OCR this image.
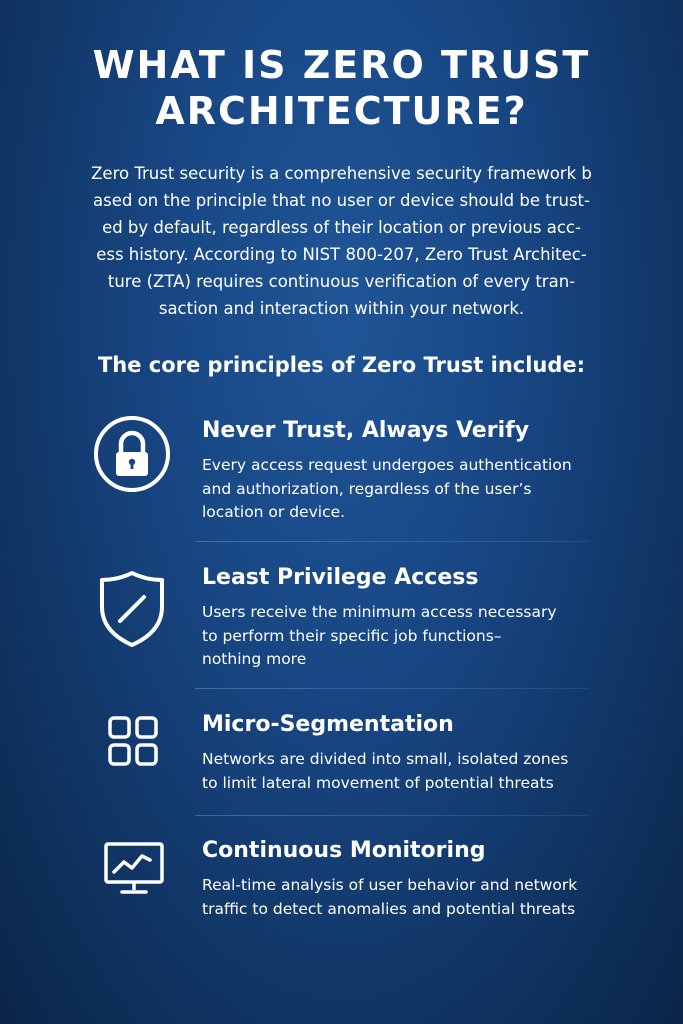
WHAT IS ZERO TRUST
ARCHITECTURE?
Zero Trust security is a comprehensive security framework b
ased on the principle that no user or device should be trust-
ed by default, regardless of their location or previous acc-
ess history. According to NIST 800-207, Zero Trust Architec-
ture (ZTA) requires continuous verification of every tran-
saction and interaction within your network.
The core principles of Zero Trust include:
Never Trust, Always Verify
Every access request undergoes authentication
and authorization, regardless of the user’s
location or device.
Least Privilege Access
Users receive the minimum access necessary
to perform their specific job functions–
nothing more
Micro-Segmentation
Networks are divided into small, isolated zones
to limit lateral movement of potential threats
Continuous Monitoring
Real-time analysis of user behavior and network
traffic to detect anomalies and potential threats
